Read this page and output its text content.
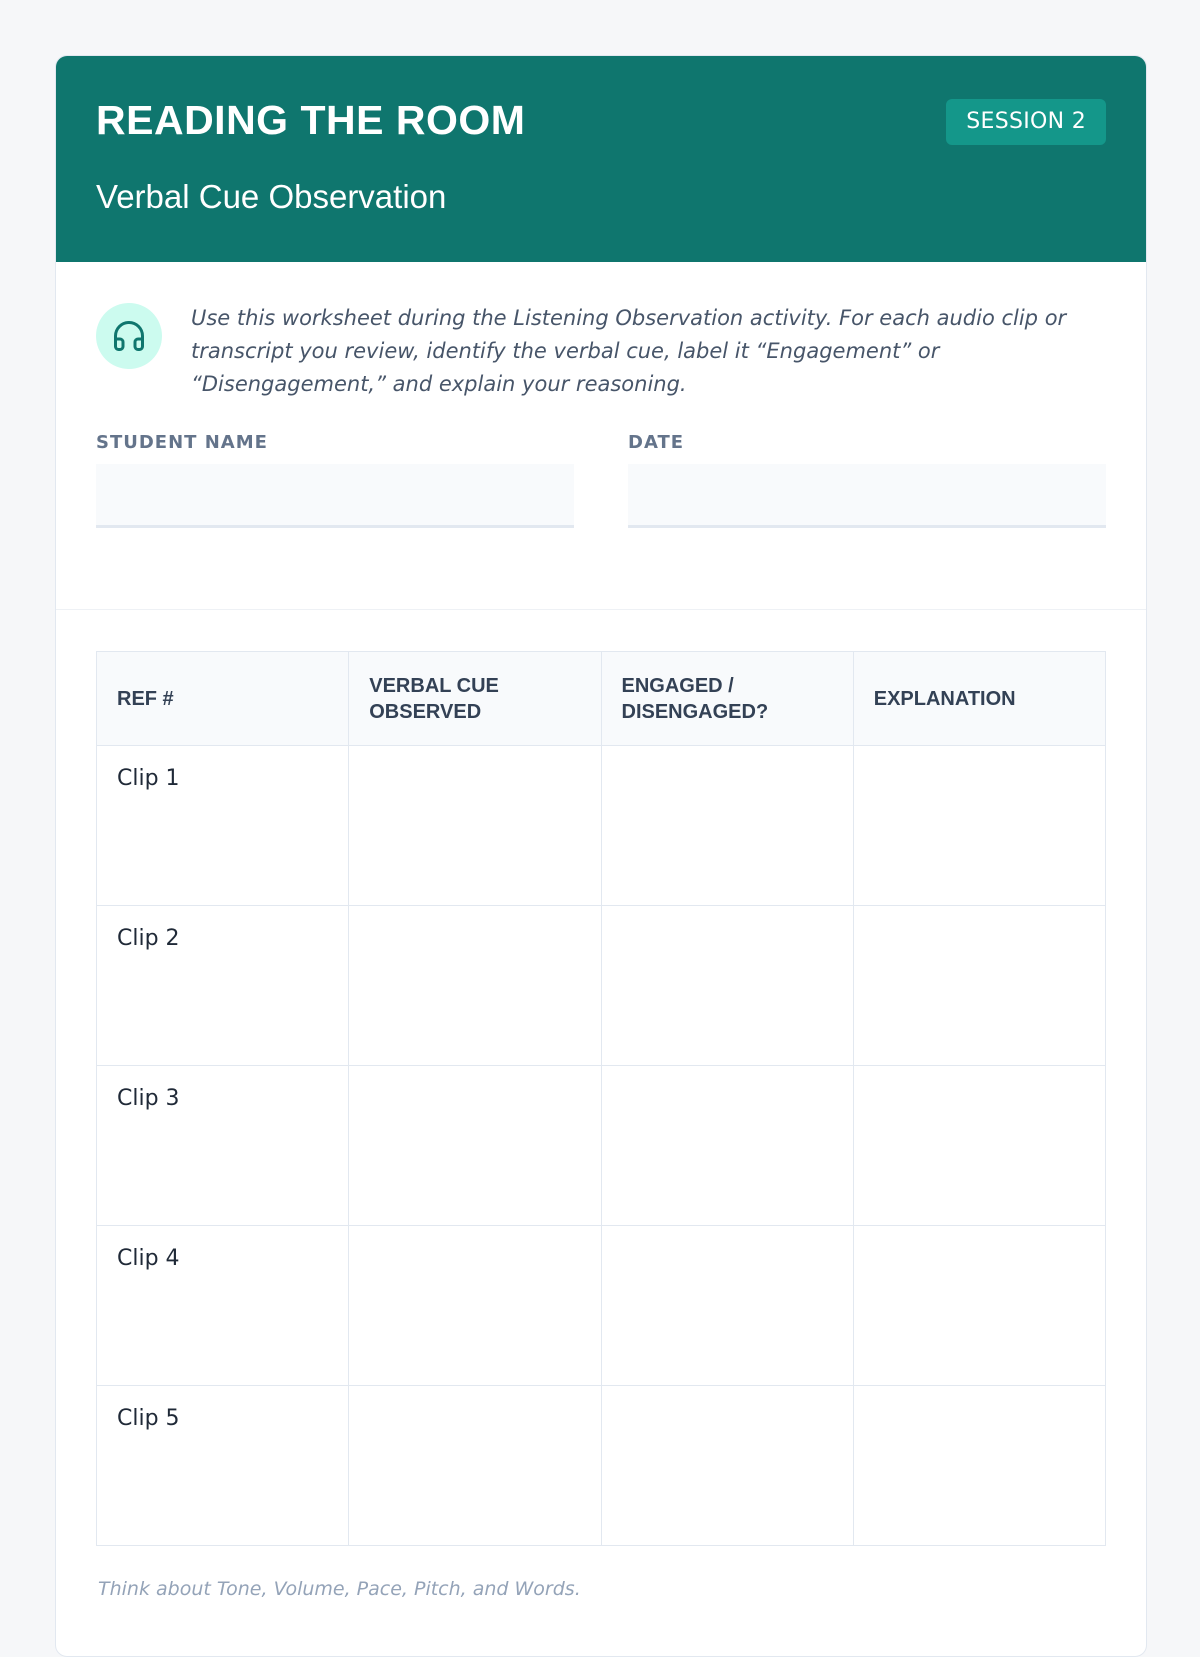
READING THE ROOM

Verbal Cue Observation

SESSION 2

Use this worksheet during the Listening Observation activity. For each audio clip or transcript you review, identify the verbal cue, label it “Engagement” or “Disengagement,” and explain your reasoning.

STUDENT NAME	DATE
REF #	VERBAL CUE OBSERVED	ENGAGED / DISENGAGED?	EXPLANATION
Clip 1			
Clip 2			
Clip 3			
Clip 4			
Clip 5			

Think about Tone, Volume, Pace, Pitch, and Words.
